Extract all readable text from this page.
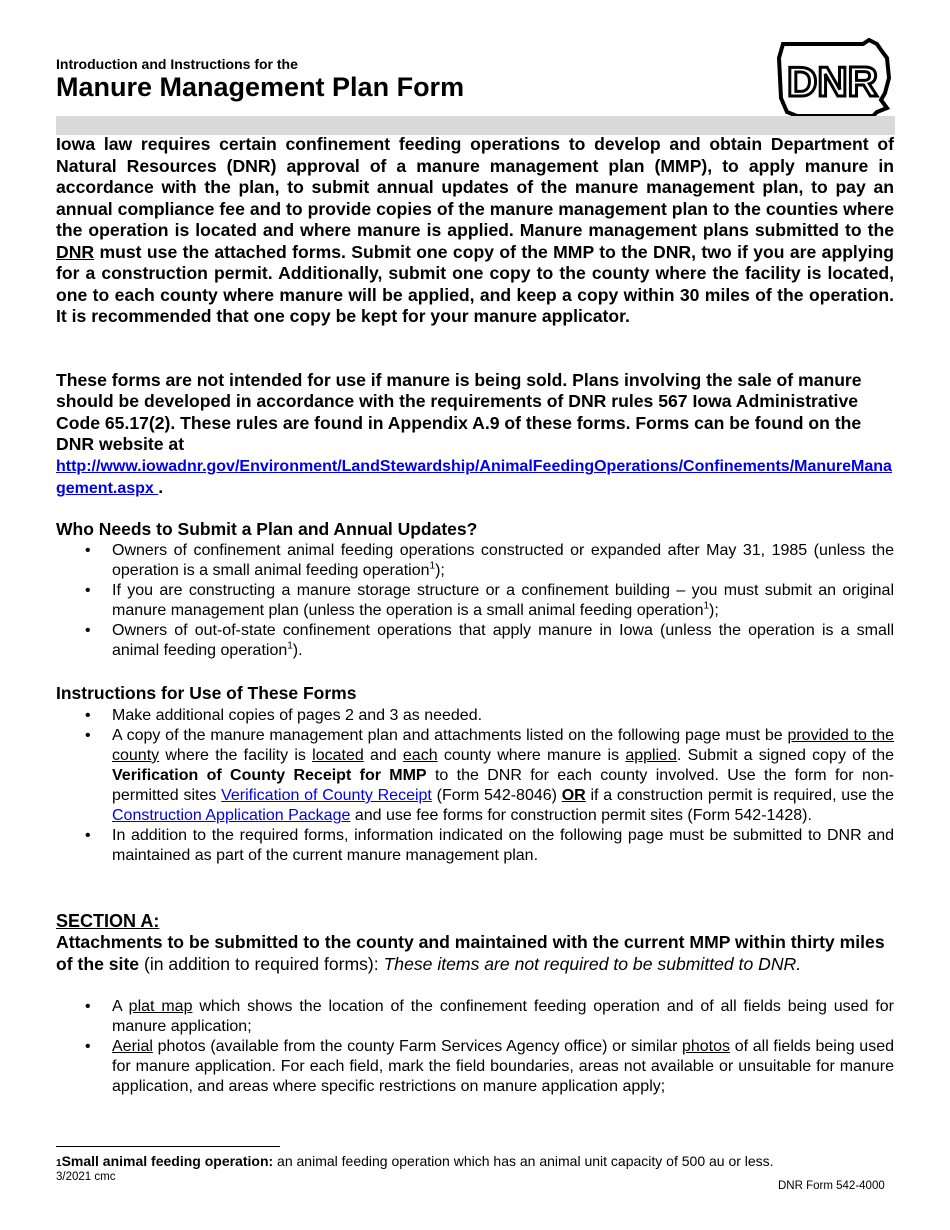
Introduction and Instructions for the
Manure Management Plan Form	DNR
Iowa law requires certain confinement feeding operations to develop and obtain Department of Natural Resources (DNR) approval of a manure management plan (MMP), to apply manure in accordance with the plan, to submit annual updates of the manure management plan, to pay an annual compliance fee and to provide copies of the manure management plan to the counties where the operation is located and where manure is applied. Manure management plans submitted to the DNR must use the attached forms. Submit one copy of the MMP to the DNR, two if you are applying for a construction permit. Additionally, submit one copy to the county where the facility is located, one to each county where manure will be applied, and keep a copy within 30 miles of the operation. It is recommended that one copy be kept for your manure applicator.
These forms are not intended for use if manure is being sold. Plans involving the sale of manure should be developed in accordance with the requirements of DNR rules 567 Iowa Administrative Code 65.17(2). These rules are found in Appendix A.9 of these forms. Forms can be found on the DNR website at
http://www.iowadnr.gov/Environment/LandStewardship/AnimalFeedingOperations/Confinements/ManureManagement.aspx .
Who Needs to Submit a Plan and Annual Updates?
• Owners of confinement animal feeding operations constructed or expanded after May 31, 1985 (unless the operation is a small animal feeding operation$^1$);
• If you are constructing a manure storage structure or a confinement building – you must submit an original manure management plan (unless the operation is a small animal feeding operation$^1$);
• Owners of out-of-state confinement operations that apply manure in Iowa (unless the operation is a small animal feeding operation$^1$).
Instructions for Use of These Forms
• Make additional copies of pages 2 and 3 as needed.
• A copy of the manure management plan and attachments listed on the following page must be provided to the county where the facility is located and each county where manure is applied. Submit a signed copy of the Verification of County Receipt for MMP to the DNR for each county involved. Use the form for non-permitted sites Verification of County Receipt (Form 542-8046) OR if a construction permit is required, use the Construction Application Package and use fee forms for construction permit sites (Form 542-1428).
• In addition to the required forms, information indicated on the following page must be submitted to DNR and maintained as part of the current manure management plan.
SECTION A:
Attachments to be submitted to the county and maintained with the current MMP within thirty miles of the site (in addition to required forms): These items are not required to be submitted to DNR.
• A plat map which shows the location of the confinement feeding operation and of all fields being used for manure application;
• Aerial photos (available from the county Farm Services Agency office) or similar photos of all fields being used for manure application. For each field, mark the field boundaries, areas not available or unsuitable for manure application, and areas where specific restrictions on manure application apply;
1Small animal feeding operation: an animal feeding operation which has an animal unit capacity of 500 au or less.
3/2021 cmc
DNR Form 542-4000
